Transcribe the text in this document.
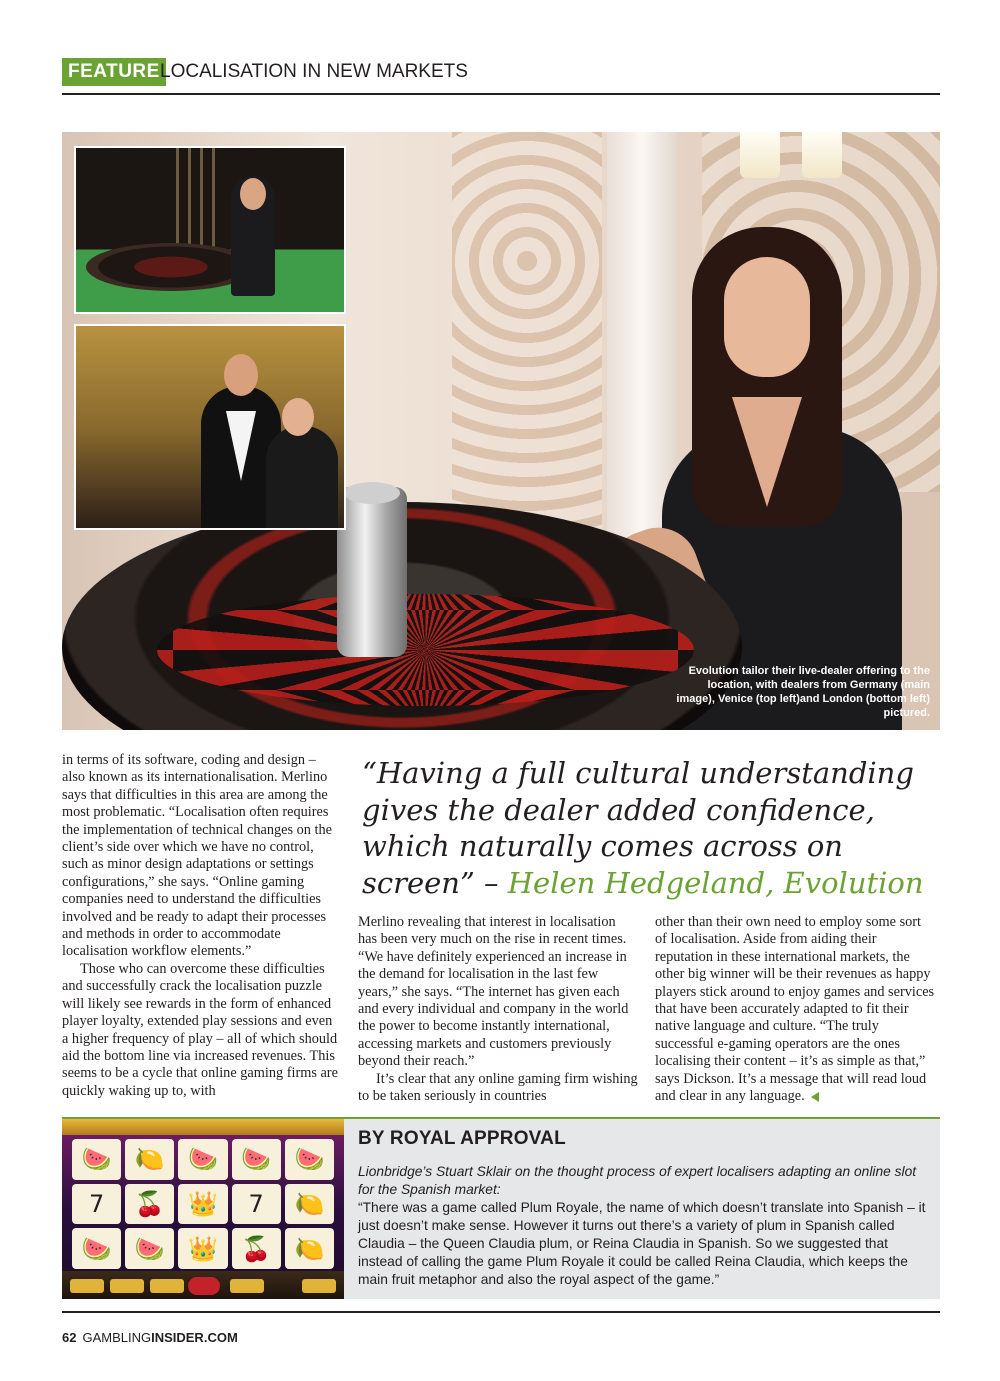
FEATURE LOCALISATION IN NEW MARKETS
Evolution tailor their live-dealer offering to the location, with dealers from Germany (main image), Venice (top left)and London (bottom left) pictured.

in terms of its software, coding and design – also known as its internationalisation. Merlino says that difficulties in this area are among the most problematic. “Localisation often requires the implementation of technical changes on the client’s side over which we have no control, such as minor design adaptations or settings configurations,” she says. “Online gaming companies need to understand the difficulties involved and be ready to adapt their processes and methods in order to accommodate localisation workflow elements.”

Those who can overcome these difficulties and successfully crack the localisation puzzle will likely see rewards in the form of enhanced player loyalty, extended play sessions and even a higher frequency of play – all of which should aid the bottom line via increased revenues. This seems to be a cycle that online gaming firms are quickly waking up to, with

“Having a full cultural understanding gives the dealer added confidence, which naturally comes across on screen” – Helen Hedgeland, Evolution

Merlino revealing that interest in localisation has been very much on the rise in recent times. “We have definitely experienced an increase in the demand for localisation in the last few years,” she says. “The internet has given each and every individual and company in the world the power to become instantly international, accessing markets and customers previously beyond their reach.”

It’s clear that any online gaming firm wishing to be taken seriously in countries

other than their own need to employ some sort of localisation. Aside from aiding their reputation in these international markets, the other big winner will be their revenues as happy players stick around to enjoy games and services that have been accurately adapted to fit their native language and culture. “The truly successful e-gaming operators are the ones localising their content – it’s as simple as that,” says Dickson. It’s a message that will read loud and clear in any language.

🍉 🍋 🍉 🍉 🍉
7	🍒 👑	7	🍋
🍉 🍉 👑 🍒 🍋
BY ROYAL APPROVAL
Lionbridge’s Stuart Sklair on the thought process of expert localisers adapting an online slot for the Spanish market:
“There was a game called Plum Royale, the name of which doesn’t translate into Spanish – it just doesn’t make sense. However it turns out there’s a variety of plum in Spanish called Claudia – the Queen Claudia plum, or Reina Claudia in Spanish. So we suggested that instead of calling the game Plum Royale it could be called Reina Claudia, which keeps the main fruit metaphor and also the royal aspect of the game.”
62 GAMBLINGINSIDER.COM
